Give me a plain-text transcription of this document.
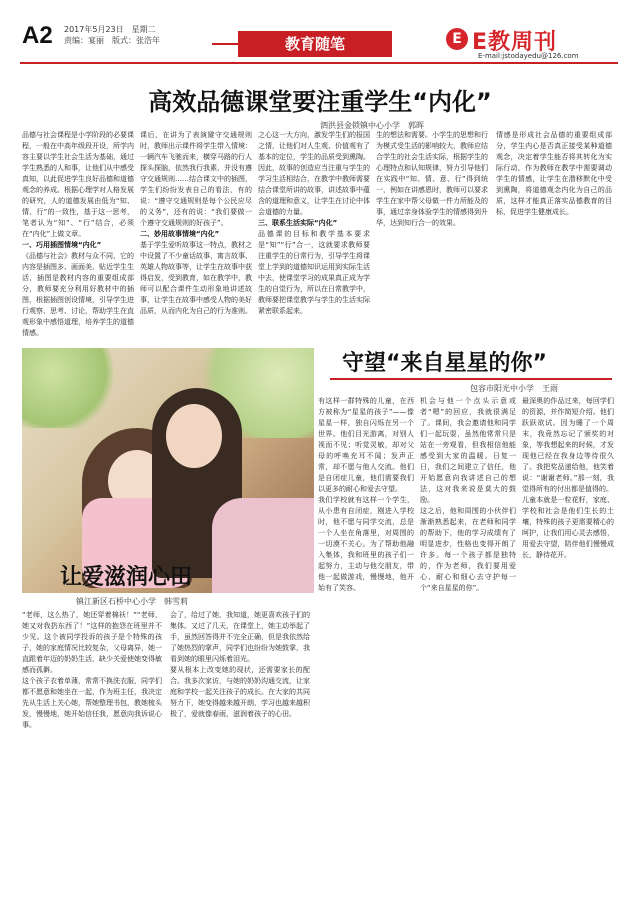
A2 2017年5月23日　星期二
责编：宴丽　版式：张浩年	教育随笔	E E教周刊
E-mail:jstodayedu@126.com
高效品德课堂要注重学生“内化”
泗洪县金锁镇中心小学　郭晖

品德与社会课程是小学阶段的必要课程，一般在中高年级段开设，所学内容主要以学生社会生活为基础，通过学生熟悉的人和事，让他们从中感受真知，以此促进学生良好品德和道德观念的养成。根据心理学对人格发展的研究，人的道德发展由低为“知、情、行”的一致性，基于这一思考，笔者认为“知”、“行”结合，必须在“内化”上做文章。

一、巧用插图情境“内化”

《品德与社会》教材与众不同，它的内容是插图多、画面美、贴近学生生活，插图是教材内容的重要组成部分，教师要充分利用好教材中的插图，根据插图创设情境，引导学生进行观察、思考、讨论，帮助学生在直观形象中感悟道理，培养学生的道德情感。

课后，在讲为了表演避守交通规则时，教师出示课件将学生带入情境：一辆汽车飞驰而来，横穿马路的行人探头探脑，依然我行我素，并没有遵守交通规则……结合课文中的插图，学生们纷纷发表自己的看法，有的说：“遵守交通规则是每个公民应尽的义务”，还有的说：“我们要做一个遵守交通规则的好孩子”。

二、妙用故事情境“内化”

基于学生爱听故事这一特点，教材之中设置了不少童话故事、寓言故事、英雄人物故事等，让学生在故事中获得启发，受到教育，如在教学中，教师可以配合课件生动形象地讲述故事，让学生在故事中感受人物的美好品质，从而内化为自己的行为准则。

之心这一大方向，激发学生们的报国之情，让他们对人生观、价值观有了基本的定位，学生的品质受到熏陶。因此，故事的创造应当注重与学生的学习生活相结合，在教学中教师需要结合课堂所讲的故事，讲述故事中蕴含的道理和意义，让学生在讨论中体会道德的力量。

三、联系生活实际“内化”

品德课的目标和教学基本要求是“知”“行”合一，这就要求教师要注重学生的日常行为，引导学生将课堂上学到的道德知识运用到实际生活中去，使课堂学习的成果真正成为学生的自觉行为，所以在日常教学中，教师要把课堂教学与学生的生活实际紧密联系起来。

生的想法和需要。小学生的思想和行为模式受生活的影响较大，教师应结合学生的社会生活实际，根据学生的心理特点和认知规律，努力引导他们在实践中“知、情、意、行”得到统一，例如在讲感恩时，教师可以要求学生在家中帮父母做一件力所能及的事，通过亲身体验学生的情感得到升华，达到知行合一的效果。

情感是形成社会品德的重要组成部分，学生内心是否真正接受某种道德观念，决定着学生能否将其转化为实际行动，作为教师在教学中需要调动学生的情感，让学生在潜移默化中受到熏陶，将道德观念内化为自己的品质，这样才能真正落实品德教育的目标，促进学生健康成长。

守望“来自星星的你”
包容市阳光中小学　王雨

有这样一群特殊的儿童，在西方被称为“星星的孩子”——像星星一样，独自闪烁在另一个世界。他们目光游离，对别人视而不见；听觉灵敏，却对父母的呼唤充耳不闻；发声正常，却不愿与他人交流。他们是自闭症儿童，他们需要我们以更多的耐心和爱去守望。

我们学校就有这样一个学生，从小患有自闭症，刚进入学校时，他不愿与同学交流，总是一个人坐在角落里，对周围的一切漠不关心。为了帮助他融入集体，我和班里的孩子们一起努力，主动与他交朋友，带他一起做游戏，慢慢地，他开始有了笑容。

机会与他一个点头示意或者“嗯”的回应，我就很满足了。课间，我会邀请他和同学们一起玩耍，虽然他常常只是站在一旁观看，但我相信他能感受到大家的温暖。日复一日，我们之间建立了信任，他开始愿意向我讲述自己的想法，这对我来说是莫大的鼓励。

这之后，他和周围的小伙伴们渐渐熟悉起来，在老师和同学的帮助下，他的学习成绩有了明显进步，性格也变得开朗了许多。每一个孩子都是独特的，作为老师，我们要用爱心、耐心和细心去守护每一个“来自星星的你”。

最深奥的作品过来，每回学们的资源，并作简短介绍。他们跃跃欲试。因为睡了一个周末，我竟然忘记了颁奖的对象，等我想起来的时候，才发现他已经在我身边等待很久了。我把奖品递给他，他笑着说：“谢谢老师。”那一刻，我觉得所有的付出都是值得的。

儿童本就是一粒花籽，家庭、学校和社会是他们生长的土壤，特殊的孩子更需要精心的呵护，让我们用心灵去感悟，用爱去守望，陪伴他们慢慢成长，静待花开。

让爱滋润心田
镇江新区石桥中心小学　韩雪莉

“老师，这么热了，她还穿着棉袄！”“老师，她又对我扔东西了！”这样的抱怨在班里并不少见。这个被同学投诉的孩子是个特殊的孩子，她的家庭情况比较复杂，父母离异，她一直跟着年迈的奶奶生活，缺少关爱使她变得敏感而孤僻。

这个孩子衣着单薄，常常不换洗衣服，同学们都不愿意和她坐在一起，作为班主任，我决定先从生活上关心她，帮她整理书包，教她梳头发，慢慢地，她开始信任我，愿意向我诉说心事。

会了，给过了她，我知道，她更喜欢孩子们的集体。又过了几天，在课堂上，她主动举起了手，虽然回答得并不完全正确，但是我依然给了她热烈的掌声，同学们也纷纷为她鼓掌，我看到她的眼里闪烁着泪光。

要从根本上改变她的现状，还需要家长的配合。我多次家访，与她的奶奶沟通交流，让家庭和学校一起关注孩子的成长。在大家的共同努力下，她变得越来越开朗，学习也越来越积极了，爱就像春雨，滋润着孩子的心田。
